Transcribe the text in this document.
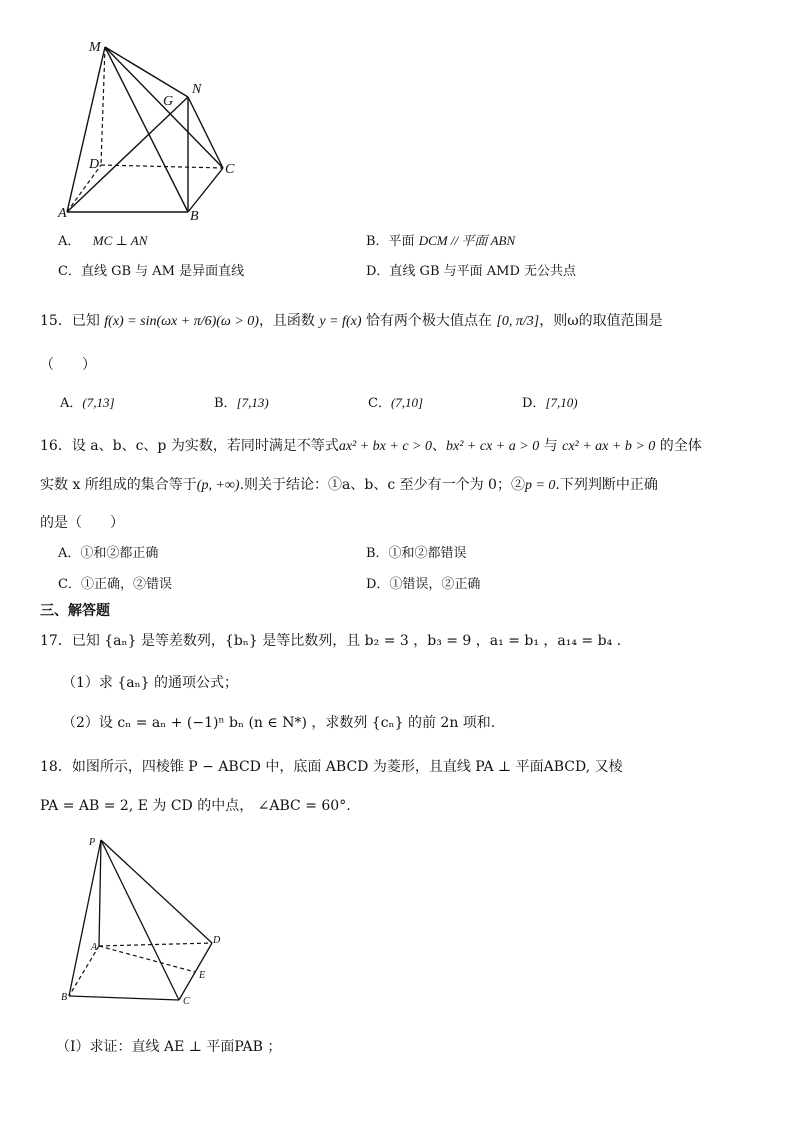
M
N
G
D	C
A	B
A． MC ⊥ AN	B．平面 DCM // 平面 ABN
C．直线 GB 与 AM 是异面直线	D．直线 GB 与平面 AMD 无公共点
15．已知 f(x) = sin(ωx + π/6)(ω > 0)，且函数 y = f(x) 恰有两个极大值点在 [0, π/3]，则ω的取值范围是
（　　）
A．(7,13]	B．[7,13)	C．(7,10]	D．[7,10)
16．设 a、b、c、p 为实数，若同时满足不等式ax² + bx + c > 0、bx² + cx + a > 0 与 cx² + ax + b > 0 的全体
实数 x 所组成的集合等于(p, +∞).则关于结论：①a、b、c 至少有一个为 0；②p = 0.下列判断中正确
的是（　　）
A．①和②都正确	B．①和②都错误
C．①正确，②错误	D．①错误，②正确
三、解答题
17．已知 {aₙ} 是等差数列，{bₙ} 是等比数列，且 b₂ = 3 ，b₃ = 9 ，a₁ = b₁ ，a₁₄ = b₄ .
（1）求 {aₙ} 的通项公式；
（2）设 cₙ = aₙ + (−1)ⁿ bₙ (n ∈ N*) ，求数列 {cₙ} 的前 2n 项和.
18．如图所示，四棱锥 P − ABCD 中，底面 ABCD 为菱形，且直线 PA ⊥ 平面ABCD, 又棱
PA = AB = 2, E 为 CD 的中点， ∠ABC = 60°.
P
A
D
E
B	C
（Ⅰ）求证：直线 AE ⊥ 平面PAB ；
